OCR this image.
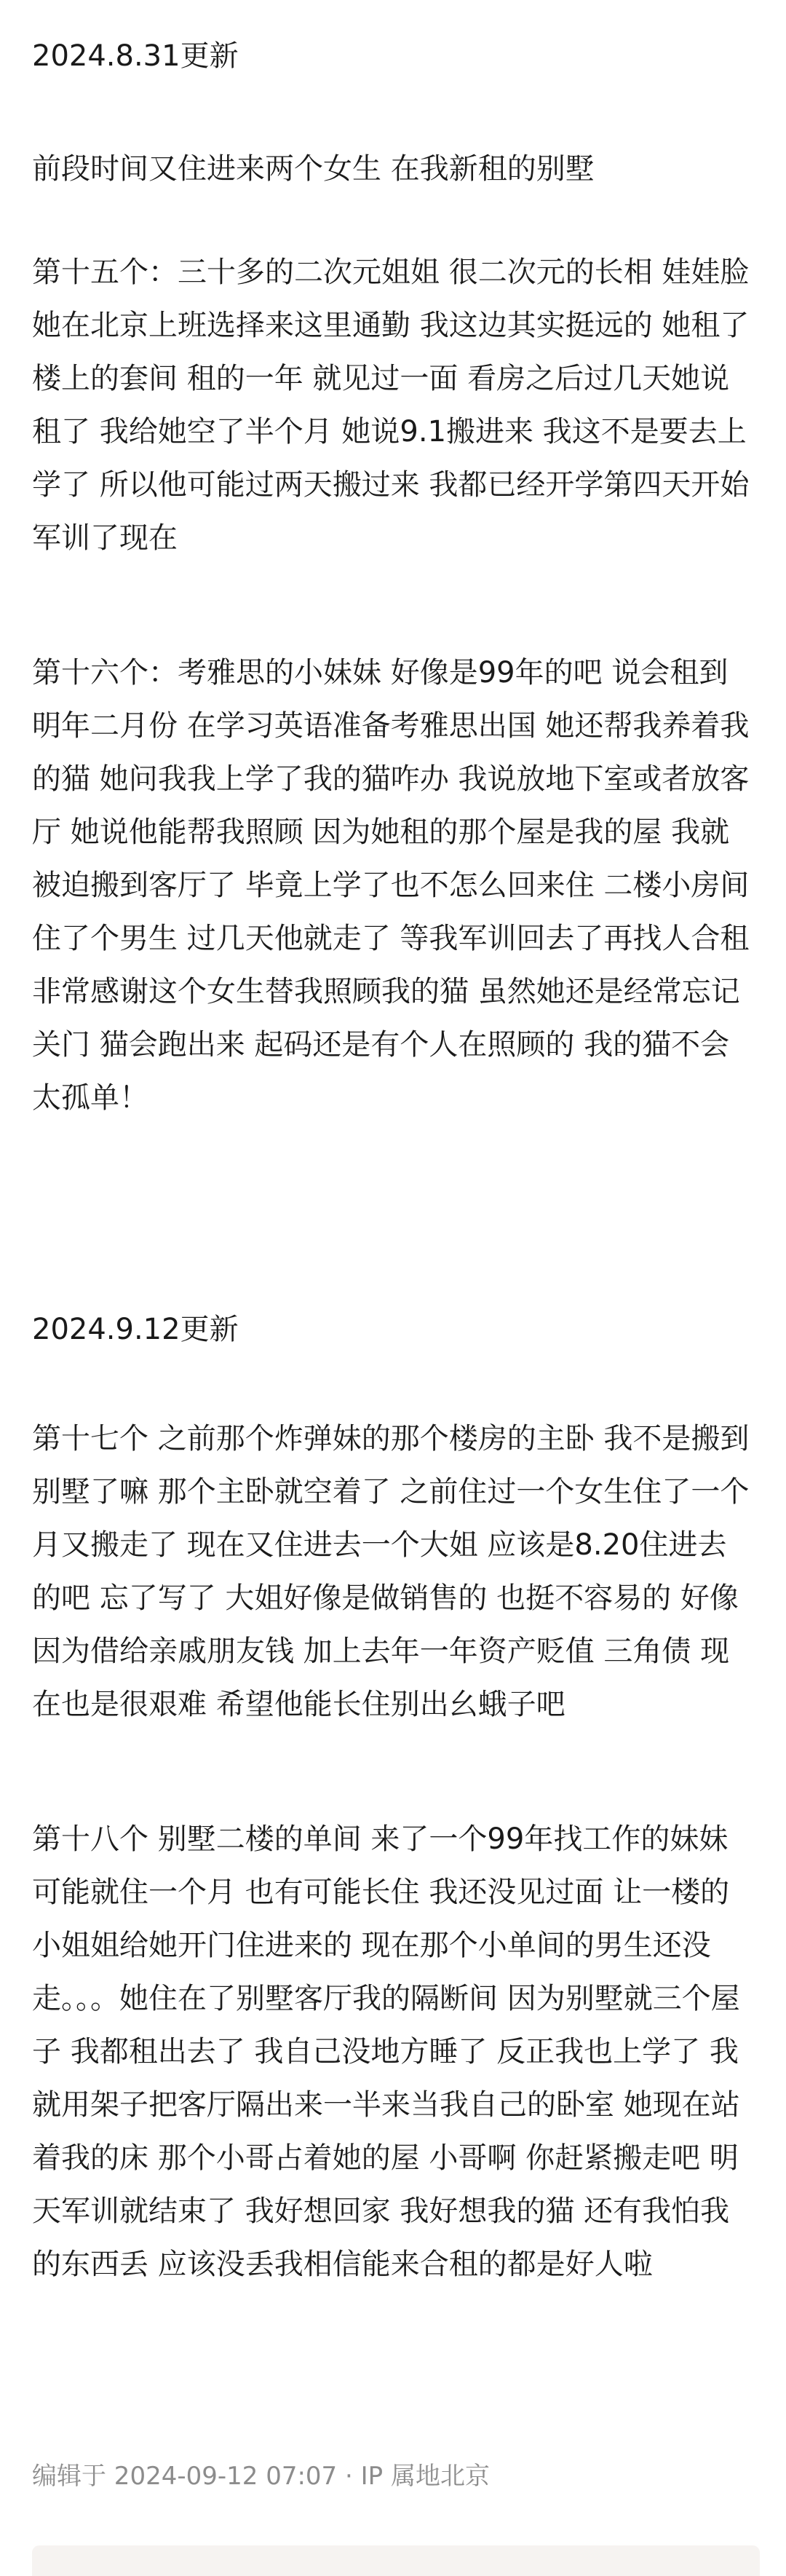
2024.8.31更新

前段时间又住进来两个女生 在我新租的别墅

第十五个：三十多的二次元姐姐 很二次元的长相 娃娃脸 她在北京上班选择来这里通勤 我这边其实挺远的 她租了楼上的套间 租的一年 就见过一面 看房之后过几天她说租了 我给她空了半个月 她说9.1搬进来 我这不是要去上学了 所以他可能过两天搬过来 我都已经开学第四天开始军训了现在

第十六个：考雅思的小妹妹 好像是99年的吧 说会租到明年二月份 在学习英语准备考雅思出国 她还帮我养着我的猫 她问我我上学了我的猫咋办 我说放地下室或者放客厅 她说他能帮我照顾 因为她租的那个屋是我的屋 我就被迫搬到客厅了 毕竟上学了也不怎么回来住 二楼小房间住了个男生 过几天他就走了 等我军训回去了再找人合租 非常感谢这个女生替我照顾我的猫 虽然她还是经常忘记关门 猫会跑出来 起码还是有个人在照顾的 我的猫不会太孤单！

2024.9.12更新

第十七个 之前那个炸弹妹的那个楼房的主卧 我不是搬到别墅了嘛 那个主卧就空着了 之前住过一个女生住了一个月又搬走了 现在又住进去一个大姐 应该是8.20住进去的吧 忘了写了 大姐好像是做销售的 也挺不容易的 好像因为借给亲戚朋友钱 加上去年一年资产贬值 三角债 现在也是很艰难 希望他能长住别出幺蛾子吧

第十八个 别墅二楼的单间 来了一个99年找工作的妹妹 可能就住一个月 也有可能长住 我还没见过面 让一楼的小姐姐给她开门住进来的 现在那个小单间的男生还没走。。。她住在了别墅客厅我的隔断间 因为别墅就三个屋子 我都租出去了 我自己没地方睡了 反正我也上学了 我就用架子把客厅隔出来一半来当我自己的卧室 她现在站着我的床 那个小哥占着她的屋 小哥啊 你赶紧搬走吧 明天军训就结束了 我好想回家 我好想我的猫 还有我怕我的东西丢 应该没丢我相信能来合租的都是好人啦

编辑于 2024-09-12 07:07 · IP 属地北京
